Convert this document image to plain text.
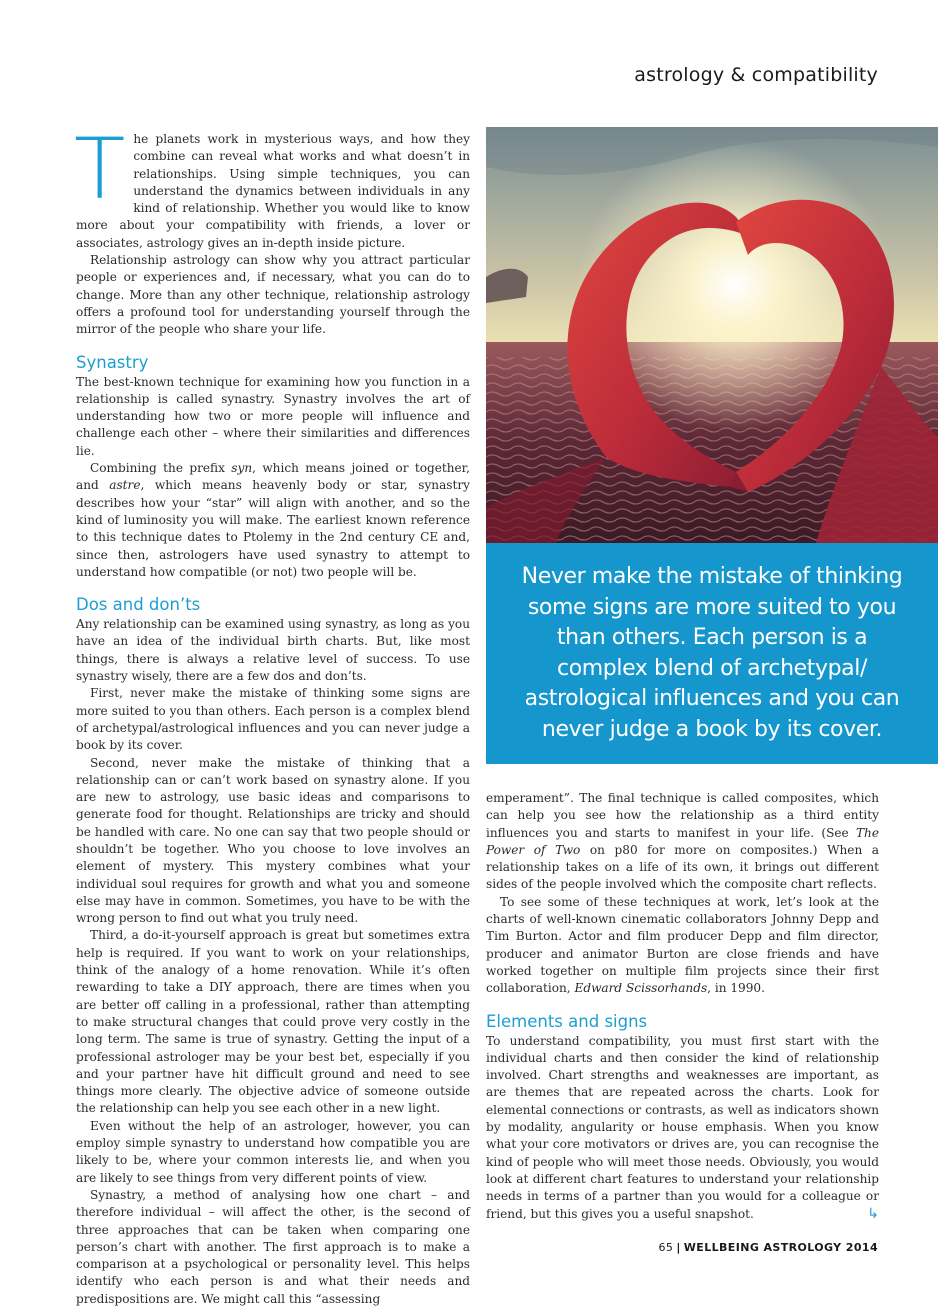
astrology & compatibility

The planets work in mysterious ways, and how they combine can reveal what works and what doesn’t in relationships. Using simple techniques, you can understand the dynamics between individuals in any kind of relationship. Whether you would like to know more about your compatibility with friends, a lover or associates, astrology gives an in-depth inside picture.

Relationship astrology can show why you attract particular people or experiences and, if necessary, what you can do to change. More than any other technique, relationship astrology offers a profound tool for understanding yourself through the mirror of the people who share your life.

Synastry

The best-known technique for examining how you function in a relationship is called synastry. Synastry involves the art of understanding how two or more people will influence and challenge each other – where their similarities and differences lie.

Combining the prefix syn, which means joined or together, and astre, which means heavenly body or star, synastry describes how your “star” will align with another, and so the kind of luminosity you will make. The earliest known reference to this technique dates to Ptolemy in the 2nd century CE and, since then, astrologers have used synastry to attempt to understand how compatible (or not) two people will be.

Dos and don’ts

Any relationship can be examined using synastry, as long as you have an idea of the individual birth charts. But, like most things, there is always a relative level of success. To use synastry wisely, there are a few dos and don’ts.

First, never make the mistake of thinking some signs are more suited to you than others. Each person is a complex blend of archetypal/astrological influences and you can never judge a book by its cover.

Second, never make the mistake of thinking that a relationship can or can’t work based on synastry alone. If you are new to astrology, use basic ideas and comparisons to generate food for thought. Relationships are tricky and should be handled with care. No one can say that two people should or shouldn’t be together. Who you choose to love involves an element of mystery. This mystery combines what your individual soul requires for growth and what you and someone else may have in common. Sometimes, you have to be with the wrong person to find out what you truly need.

Third, a do-it-yourself approach is great but sometimes extra help is required. If you want to work on your relationships, think of the analogy of a home renovation. While it’s often rewarding to take a DIY approach, there are times when you are better off calling in a professional, rather than attempting to make structural changes that could prove very costly in the long term. The same is true of synastry. Getting the input of a professional astrologer may be your best bet, especially if you and your partner have hit difficult ground and need to see things more clearly. The objective advice of someone outside the relationship can help you see each other in a new light.

Even without the help of an astrologer, however, you can employ simple synastry to understand how compatible you are likely to be, where your common interests lie, and when you are likely to see things from very different points of view.

Synastry, a method of analysing how one chart – and therefore individual – will affect the other, is the second of three approaches that can be taken when comparing one person’s chart with another. The first approach is to make a comparison at a psychological or personality level. This helps identify who each person is and what their needs and predispositions are. We might call this “assessing

Never make the mistake of thinking some signs are more suited to you than others. Each person is a complex blend of archetypal/ astrological influences and you can never judge a book by its cover.

emperament”. The final technique is called composites, which can help you see how the relationship as a third entity influences you and starts to manifest in your life. (See The Power of Two on p80 for more on composites.) When a relationship takes on a life of its own, it brings out different sides of the people involved which the composite chart reflects.

To see some of these techniques at work, let’s look at the charts of well-known cinematic collaborators Johnny Depp and Tim Burton. Actor and film producer Depp and film director, producer and animator Burton are close friends and have worked together on multiple film projects since their first collaboration, Edward Scissorhands, in 1990.

Elements and signs

To understand compatibility, you must first start with the individual charts and then consider the kind of relationship involved. Chart strengths and weaknesses are important, as are themes that are repeated across the charts. Look for elemental connections or contrasts, as well as indicators shown by modality, angularity or house emphasis. When you know what your core motivators or drives are, you can recognise the kind of people who will meet those needs. Obviously, you would look at different chart features to understand your relationship needs in terms of a partner than you would for a colleague or friend, but this gives you a useful snapshot.	↳

65 | WELLBEING ASTROLOGY 2014
